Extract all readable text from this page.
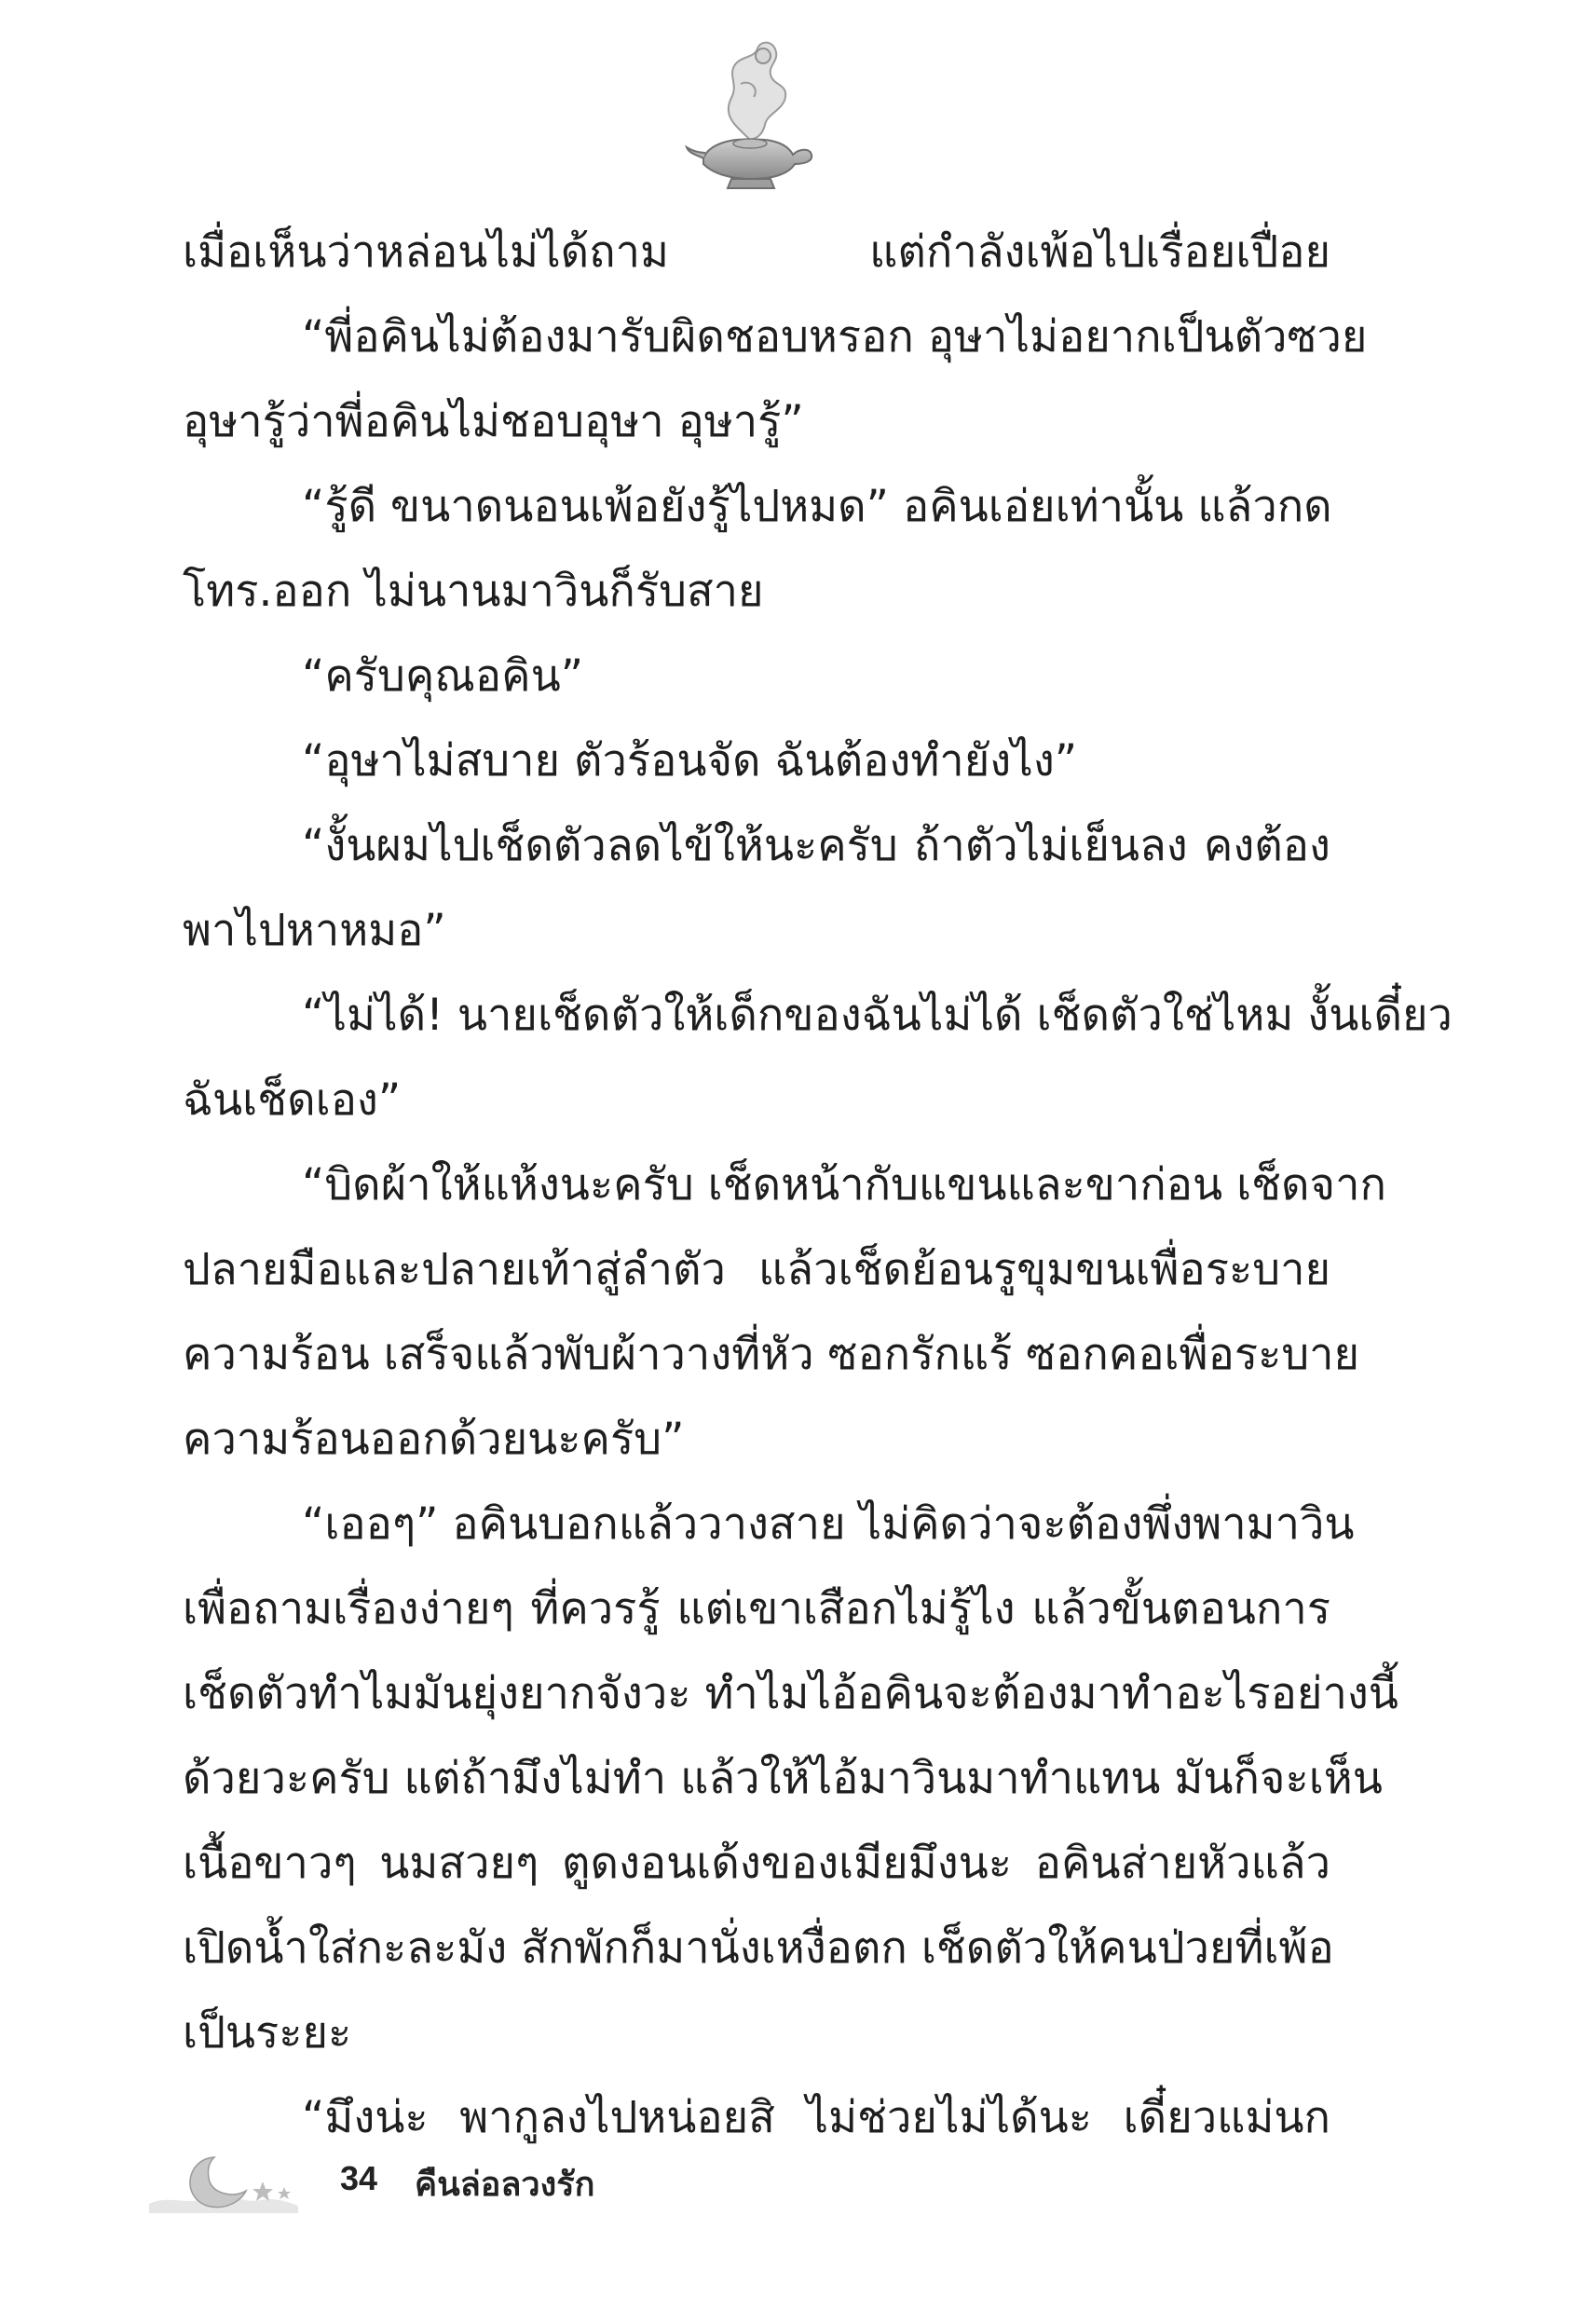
เมื่อเห็นว่าหล่อนไม่ได้ถาม แต่กำลังเพ้อไปเรื่อยเปื่อย
“พี่อคินไม่ต้องมารับผิดชอบหรอก อุษาไม่อยากเป็นตัวซวย
อุษารู้ว่าพี่อคินไม่ชอบอุษา อุษารู้”
“รู้ดี ขนาดนอนเพ้อยังรู้ไปหมด” อคินเอ่ยเท่านั้น แล้วกด
โทร.ออก ไม่นานมาวินก็รับสาย
“ครับคุณอคิน”
“อุษาไม่สบาย ตัวร้อนจัด ฉันต้องทำยังไง”
“งั้นผมไปเช็ดตัวลดไข้ให้นะครับ ถ้าตัวไม่เย็นลง คงต้อง
พาไปหาหมอ”
“ไม่ได้! นายเช็ดตัวให้เด็กของฉันไม่ได้ เช็ดตัวใช่ไหม งั้นเดี๋ยว
ฉันเช็ดเอง”
“บิดผ้าให้แห้งนะครับ เช็ดหน้ากับแขนและขาก่อน เช็ดจาก
ปลายมือและปลายเท้าสู่ลำตัว แล้วเช็ดย้อนรูขุมขนเพื่อระบาย
ความร้อน เสร็จแล้วพับผ้าวางที่หัว ซอกรักแร้ ซอกคอเพื่อระบาย
ความร้อนออกด้วยนะครับ”
“เออๆ” อคินบอกแล้ววางสาย ไม่คิดว่าจะต้องพึ่งพามาวิน
เพื่อถามเรื่องง่ายๆ ที่ควรรู้ แต่เขาเสือกไม่รู้ไง แล้วขั้นตอนการ
เช็ดตัวทำไมมันยุ่งยากจังวะ ทำไมไอ้อคินจะต้องมาทำอะไรอย่างนี้
ด้วยวะครับ แต่ถ้ามึงไม่ทำ แล้วให้ไอ้มาวินมาทำแทน มันก็จะเห็น
เนื้อขาวๆ นมสวยๆ ตูดงอนเด้งของเมียมึงนะ อคินส่ายหัวแล้ว
เปิดน้ำใส่กะละมัง สักพักก็มานั่งเหงื่อตก เช็ดตัวให้คนป่วยที่เพ้อ
เป็นระยะ
“มึงน่ะ พากูลงไปหน่อยสิ ไม่ช่วยไม่ได้นะ เดี๋ยวแม่นก
34 คืนล่อลวงรัก
